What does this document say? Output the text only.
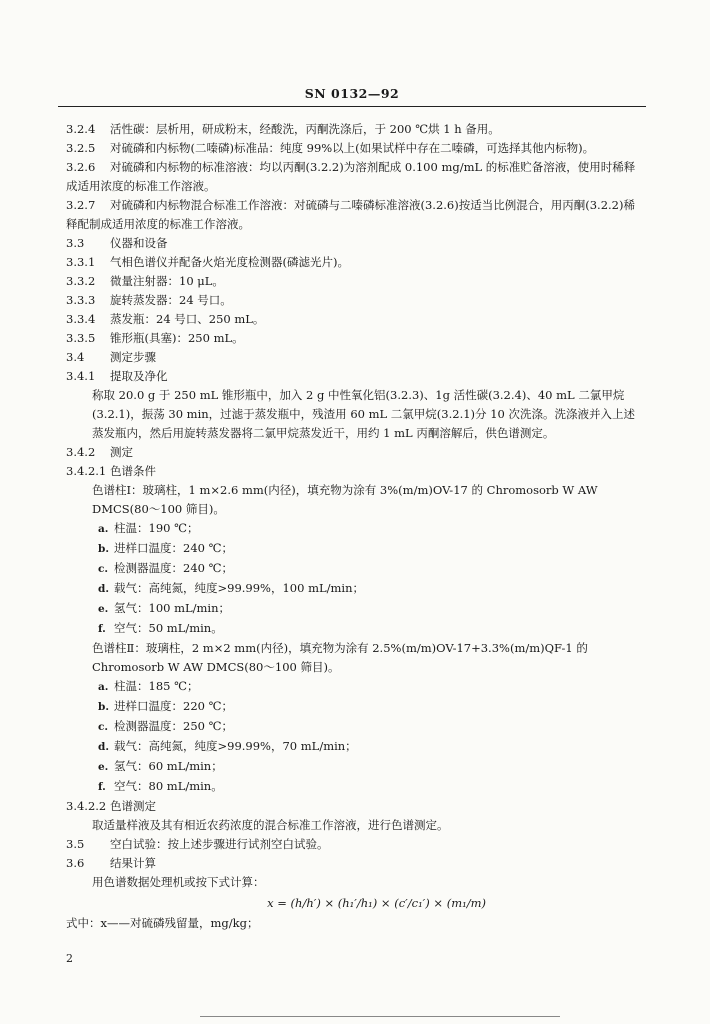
SN 0132—92
3.2.4 活性碳：层析用，研成粉末，经酸洗，丙酮洗涤后，于 200 ℃烘 1 h 备用。
3.2.5 对硫磷和内标物(二嗪磷)标准品：纯度 99%以上(如果试样中存在二嗪磷，可选择其他内标物)。
3.2.6 对硫磷和内标物的标准溶液：均以丙酮(3.2.2)为溶剂配成 0.100 mg/mL 的标准贮备溶液，使用时稀释成适用浓度的标准工作溶液。
3.2.7 对硫磷和内标物混合标准工作溶液：对硫磷与二嗪磷标准溶液(3.2.6)按适当比例混合，用丙酮(3.2.2)稀释配制成适用浓度的标准工作溶液。
3.3 仪器和设备
3.3.1 气相色谱仪并配备火焰光度检测器(磷滤光片)。
3.3.2 微量注射器：10 μL。
3.3.3 旋转蒸发器：24 号口。
3.3.4 蒸发瓶：24 号口、250 mL。
3.3.5 锥形瓶(具塞)：250 mL。
3.4 测定步骤
3.4.1 提取及净化
称取 20.0 g 于 250 mL 锥形瓶中，加入 2 g 中性氧化铝(3.2.3)、1g 活性碳(3.2.4)、40 mL 二氯甲烷(3.2.1)，振荡 30 min，过滤于蒸发瓶中，残渣用 60 mL 二氯甲烷(3.2.1)分 10 次洗涤。洗涤液并入上述蒸发瓶内，然后用旋转蒸发器将二氯甲烷蒸发近干，用约 1 mL 丙酮溶解后，供色谱测定。
3.4.2 测定
3.4.2.1 色谱条件
色谱柱Ⅰ：玻璃柱，1 m×2.6 mm(内径)，填充物为涂有 3%(m/m)OV-17 的 Chromosorb W AW DMCS(80～100 筛目)。
a. 柱温：190 ℃；
b. 进样口温度：240 ℃；
c. 检测器温度：240 ℃；
d. 载气：高纯氮，纯度>99.99%，100 mL/min；
e. 氢气：100 mL/min；
f. 空气：50 mL/min。
色谱柱Ⅱ：玻璃柱，2 m×2 mm(内径)，填充物为涂有 2.5%(m/m)OV-17+3.3%(m/m)QF-1 的 Chromosorb W AW DMCS(80～100 筛目)。
a. 柱温：185 ℃；
b. 进样口温度：220 ℃；
c. 检测器温度：250 ℃；
d. 载气：高纯氮，纯度>99.99%，70 mL/min；
e. 氢气：60 mL/min；
f. 空气：80 mL/min。
3.4.2.2 色谱测定
取适量样液及其有相近农药浓度的混合标准工作溶液，进行色谱测定。
3.5 空白试验：按上述步骤进行试剂空白试验。
3.6 结果计算
用色谱数据处理机或按下式计算：
x = (h/h′) × (h₁′/h₁) × (c′/c₁′) × (m₁/m)
式中：x——对硫磷残留量，mg/kg；
2
